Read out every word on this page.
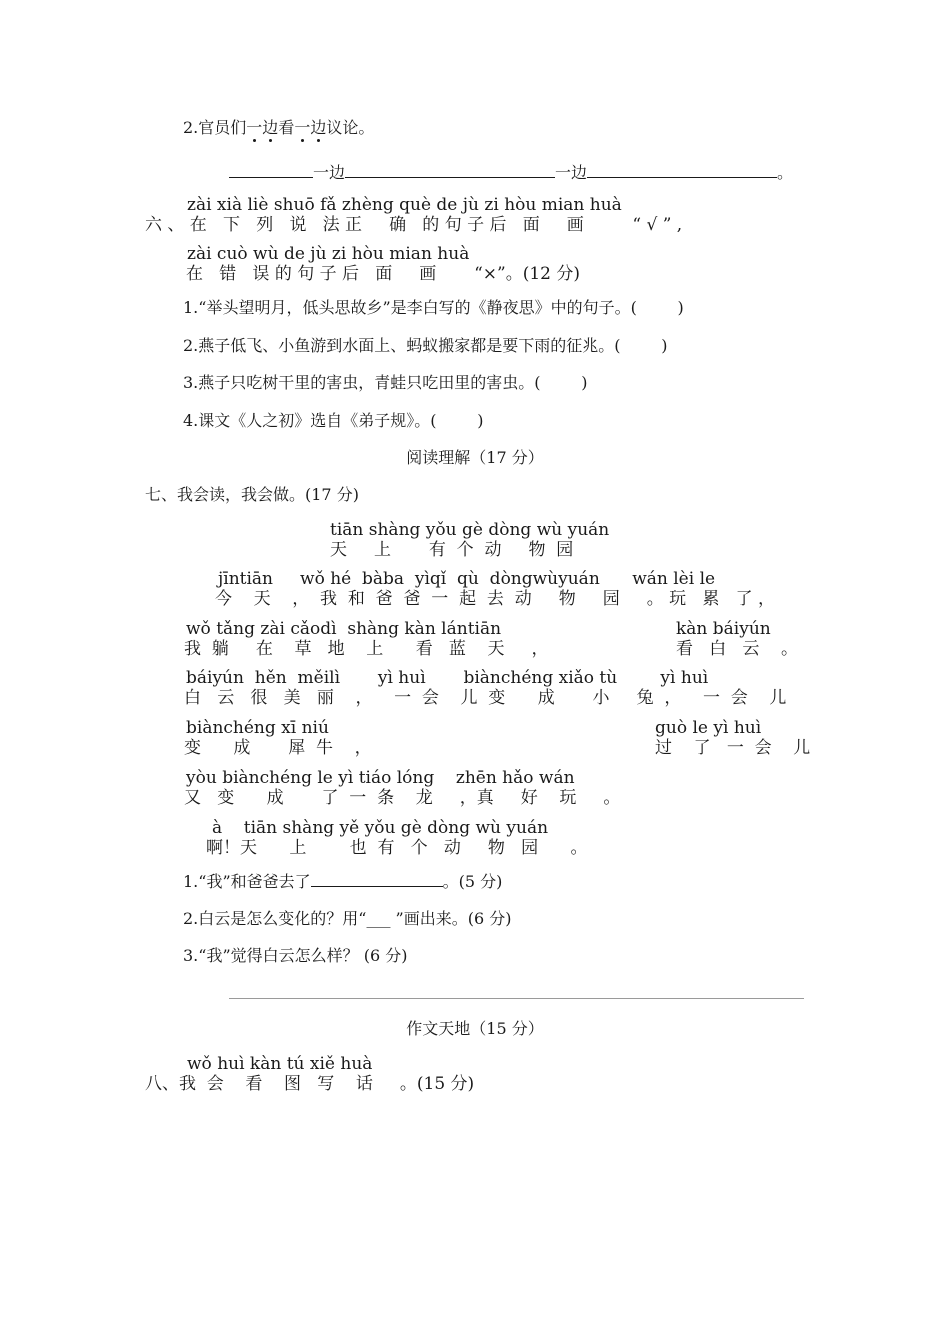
2.官员们一边看一边议论。
一边	一边	。
zài xià liè shuō fǎ zhèng què de jù zi hòu mian huà
六 、 在   下   列   说   法 正     确   的 句 子 后   面     画         “ √ ” ,
zài cuò wù de jù zi hòu mian huà
在   错   误 的 句 子 后   面     画       “×”。(12 分)
1.“举头望明月，低头思故乡”是李白写的《静夜思》中的句子。(        )
2.燕子低飞、小鱼游到水面上、蚂蚁搬家都是要下雨的征兆。(        )
3.燕子只吃树干里的害虫，青蛙只吃田里的害虫。(        )
4.课文《人之初》选自《弟子规》。(        )
阅读理解（17 分）
七、我会读，我会做。(17 分)
tiān shàng yǒu gè dòng wù yuán
天     上       有  个  动     物  园
jīntiān     wǒ hé  bàba  yìqǐ  qù  dòngwùyuán      wán lèi le
今    天    ，  我  和  爸  爸  一  起  去  动     物     园     。 玩   累   了 ，
wǒ tǎng zài cǎodì  shàng kàn lántiān	kàn báiyún
我  躺     在    草   地    上      看   蓝    天     ，	看   白   云    。
báiyún  hěn  měilì       yì huì       biànchéng xiǎo tù        yì huì
白   云   很   美   丽    ，    一  会    儿  变      成       小     兔  ，    一  会    儿
biànchéng xī niú	guò le yì huì
变      成       犀  牛    ，	过    了   一  会    儿
yòu biànchéng le yì tiáo lóng    zhēn hǎo wán
又   变      成       了  一  条    龙     ，真     好    玩     。
à    tiān shàng yě yǒu gè dòng wù yuán
啊！天      上        也  有   个   动     物   园      。
1.“我”和爸爸去了	。(5 分)
2.白云是怎么变化的？用“___ ”画出来。(6 分)
3.“我”觉得白云怎么样？ (6 分)
作文天地（15 分）
wǒ huì kàn tú xiě huà
八、我  会    看    图   写    话     。(15 分)
